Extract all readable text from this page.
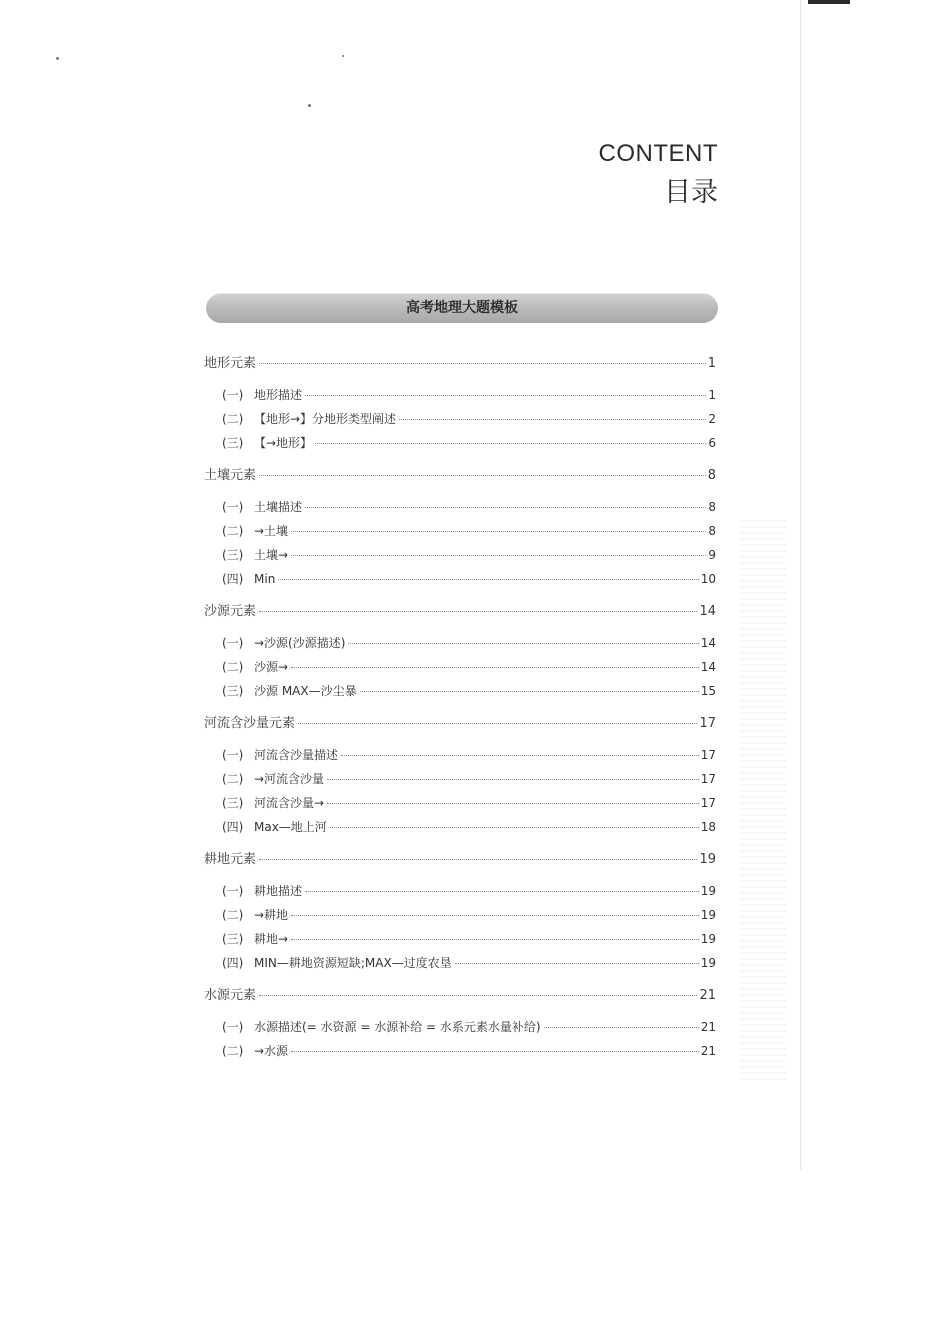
CONTENT
目录
高考地理大题模板
地形元素	1
(一) 地形描述	1
(二) 【地形→】分地形类型阐述	2
(三) 【→地形】	6
土壤元素	8
(一) 土壤描述	8
(二) →土壤	8
(三) 土壤→	9
(四) Min	10
沙源元素	14
(一) →沙源(沙源描述)	14
(二) 沙源→	14
(三) 沙源 MAX—沙尘暴	15
河流含沙量元素	17
(一) 河流含沙量描述	17
(二) →河流含沙量	17
(三) 河流含沙量→	17
(四) Max—地上河	18
耕地元素	19
(一) 耕地描述	19
(二) →耕地	19
(三) 耕地→	19
(四) MIN—耕地资源短缺;MAX—过度农垦	19
水源元素	21
(一) 水源描述(= 水资源 = 水源补给 = 水系元素水量补给)	21
(二) →水源	21
